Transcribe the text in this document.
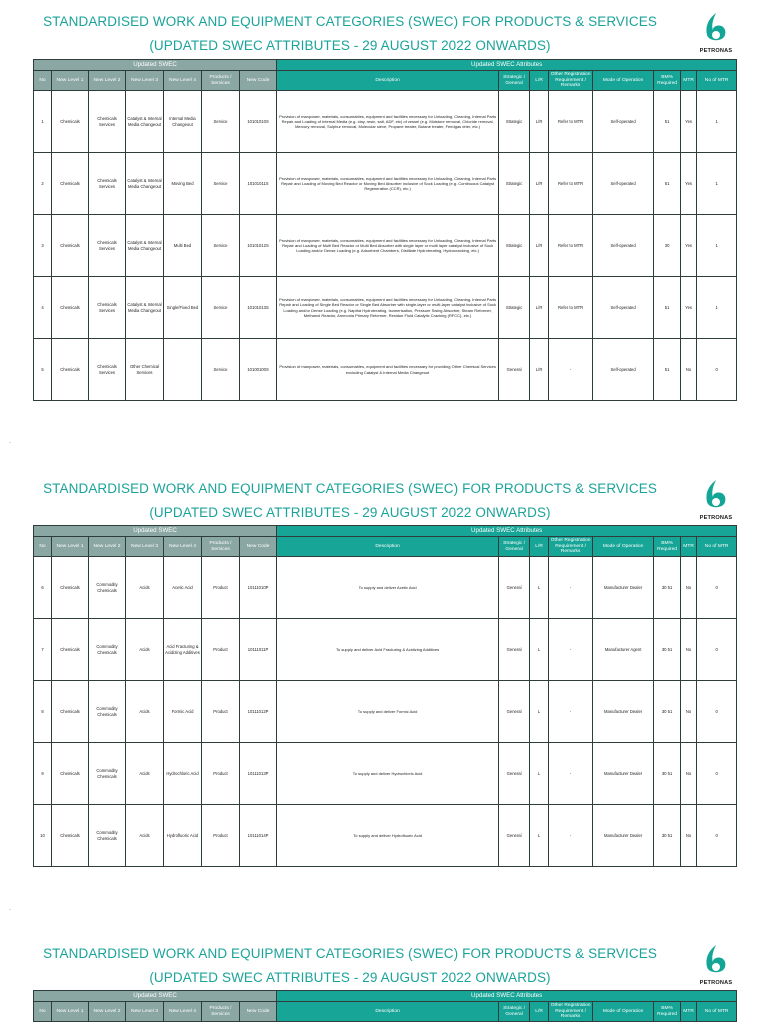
STANDARDISED WORK AND EQUIPMENT CATEGORIES (SWEC) FOR PRODUCTS & SERVICES
(UPDATED SWEC ATTRIBUTES - 29 AUGUST 2022 ONWARDS)	PETRONAS
Updated SWEC							Updated SWEC Attributes							
No	New Level 1	New Level 2	New Level 3	New Level 4	Products / Services	New Code	Description	Strategic / General	L/R	Other Registration Requirement / Remarks	Mode of Operation	BM% Required	MTR	No of MTR
1	Chemicals	Chemicals Services	Catalyst & Internal Media Changeout	Internal Media Changeout	Service	10101010S	Provision of manpower, materials, consumables, equipment and facilities necessary for Unloading, Cleaning, Internal Parts Repair and Loading of Internal Media (e.g. clay, resin, salt, ADF, etc) of vessel (e.g. Moisture removal, Chloride removal, Mercury removal, Sulphur removal, Molecular sieve, Propane treater, Butane treater, Feedgas drier, etc.)	Strategic	L/R	Refer to MTR	Self-operated	51	Yes	1
2	Chemicals	Chemicals Services	Catalyst & Internal Media Changeout	Moving Bed	Service	10101011S	Provision of manpower, materials, consumables, equipment and facilities necessary for Unloading, Cleaning, Internal Parts Repair and Loading of Moving Bed Reactor or Moving Bed Absorber inclusive of Sock Loading (e.g. Continuous Catalyst Regeneration (CCR), etc.)	Strategic	L/R	Refer to MTR	Self-operated	51	Yes	1
3	Chemicals	Chemicals Services	Catalyst & Internal Media Changeout	Multi Bed	Service	10101012S	Provision of manpower, materials, consumables, equipment and facilities necessary for Unloading, Cleaning, Internal Parts Repair and Loading of Multi Bed Reactor or Multi Bed Absorber with single layer or multi layer catalyst inclusive of Sock Loading and/or Dense Loading (e.g. Adsorbent Chambers, Distillate Hydrotreating, Hydrocracking, etc.)	Strategic	L/R	Refer to MTR	Self-operated	30	Yes	1
4	Chemicals	Chemicals Services	Catalyst & Internal Media Changeout	Single/Fixed Bed	Service	10101013S	Provision of manpower, materials, consumables, equipment and facilities necessary for Unloading, Cleaning, Internal Parts Repair and Loading of Single Bed Reactor or Single Bed Absorber with single-layer or multi-layer catalyst inclusive of Sock Loading and/or Dense Loading (e.g. Naptha Hydrotreating, Isomerisation, Pressure Swing Absorber, Steam Reformer, Methanol Reactor, Ammonia Primary Reformer, Residue Fluid Catalytic Cracking (RFCC), etc.)	Strategic	L/R	Refer to MTR	Self-operated	51	Yes	1
5	Chemicals	Chemicals Services	Other Chemical Services		Service	10100100S	Provision of manpower, materials, consumables, equipment and facilities necessary for providing Other Chemical Services excluding Catalyst & Internal Media Changeout	General	L/R	-	Self-operated	51	No	0
-
STANDARDISED WORK AND EQUIPMENT CATEGORIES (SWEC) FOR PRODUCTS & SERVICES
(UPDATED SWEC ATTRIBUTES - 29 AUGUST 2022 ONWARDS)	PETRONAS
Updated SWEC							Updated SWEC Attributes							
No	New Level 1	New Level 2	New Level 3	New Level 4	Products / Services	New Code	Description	Strategic / General	L/R	Other Registration Requirement / Remarks	Mode of Operation	BM% Required	MTR	No of MTR
6	Chemicals	Commodity Chemicals	Acids	Acetic Acid	Product	10111010P	To supply and deliver Acetic Acid	General	L	-	Manufacturer Dealer	30 51	No	0
7	Chemicals	Commodity Chemicals	Acids	Acid Fracturing & Acidizing Additives	Product	10111011P	To supply and deliver Acid Fracturing & Acidizing Additives	General	L	-	Manufacturer Agent	30 51	No	0
8	Chemicals	Commodity Chemicals	Acids	Formic Acid	Product	10111012P	To supply and deliver Formic Acid	General	L	-	Manufacturer Dealer	30 51	No	0
9	Chemicals	Commodity Chemicals	Acids	Hydrochloric Acid	Product	10111013P	To supply and deliver Hydrochloric Acid	General	L	-	Manufacturer Dealer	30 51	No	0
10	Chemicals	Commodity Chemicals	Acids	Hydrofluoric Acid	Product	10111014P	To supply and deliver Hydrofluoric Acid	General	L	-	Manufacturer Dealer	30 51	No	0
-
STANDARDISED WORK AND EQUIPMENT CATEGORIES (SWEC) FOR PRODUCTS & SERVICES
(UPDATED SWEC ATTRIBUTES - 29 AUGUST 2022 ONWARDS)	PETRONAS
Updated SWEC							Updated SWEC Attributes							
No	New Level 1	New Level 2	New Level 3	New Level 4	Products / Services	New Code	Description	Strategic / General	L/R	Other Registration Requirement / Remarks	Mode of Operation	BM% Required	MTR	No of MTR
